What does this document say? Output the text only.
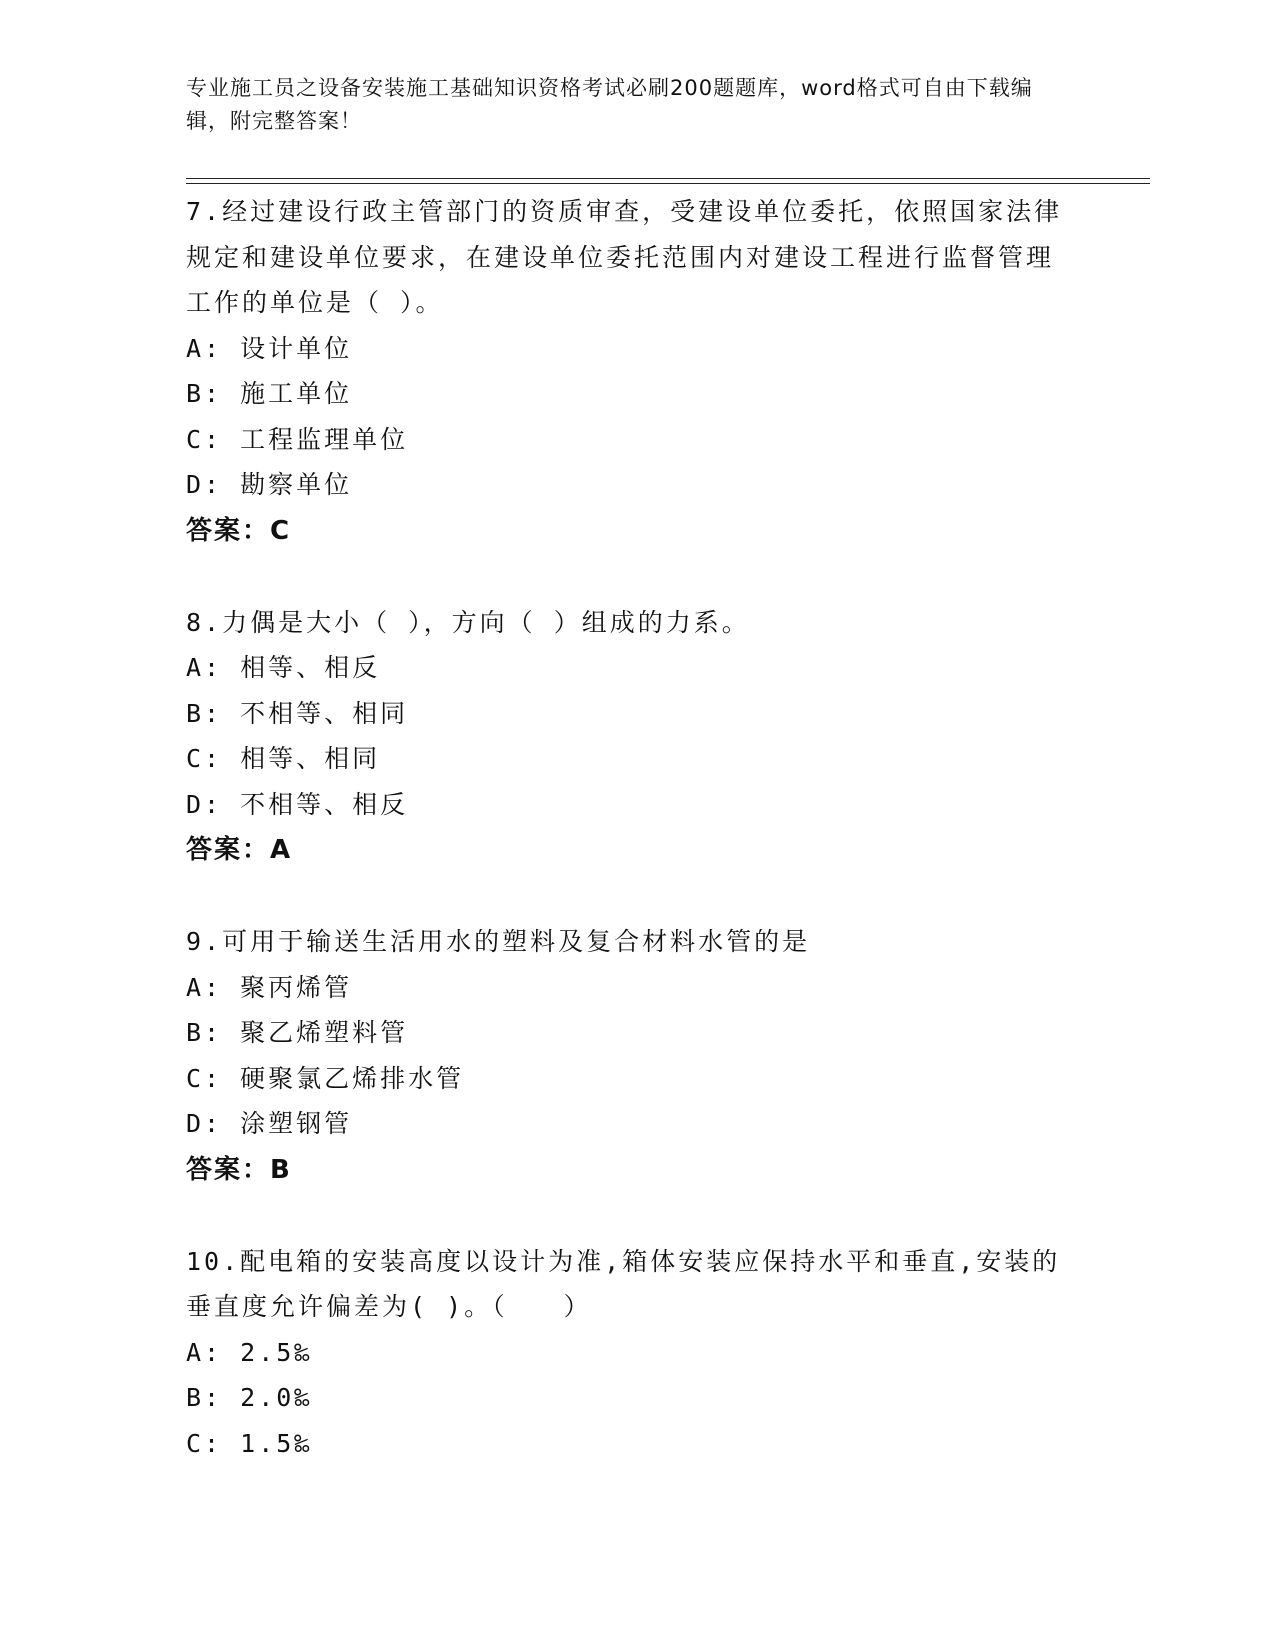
专业施工员之设备安装施工基础知识资格考试必刷200题题库，word格式可自由下载编辑，附完整答案！

7.经过建设行政主管部门的资质审查，受建设单位委托，依照国家法律规定和建设单位要求，在建设单位委托范围内对建设工程进行监督管理工作的单位是（ ）。

A: 设计单位

B: 施工单位

C: 工程监理单位

D: 勘察单位

答案：C

8.力偶是大小（ ），方向（ ）组成的力系。

A: 相等、相反

B: 不相等、相同

C: 相等、相同

D: 不相等、相反

答案：A

9.可用于输送生活用水的塑料及复合材料水管的是

A: 聚丙烯管

B: 聚乙烯塑料管

C: 硬聚氯乙烯排水管

D: 涂塑钢管

答案：B

10.配电箱的安装高度以设计为准,箱体安装应保持水平和垂直,安装的垂直度允许偏差为( )。（　　）

A: 2.5‰

B: 2.0‰

C: 1.5‰
